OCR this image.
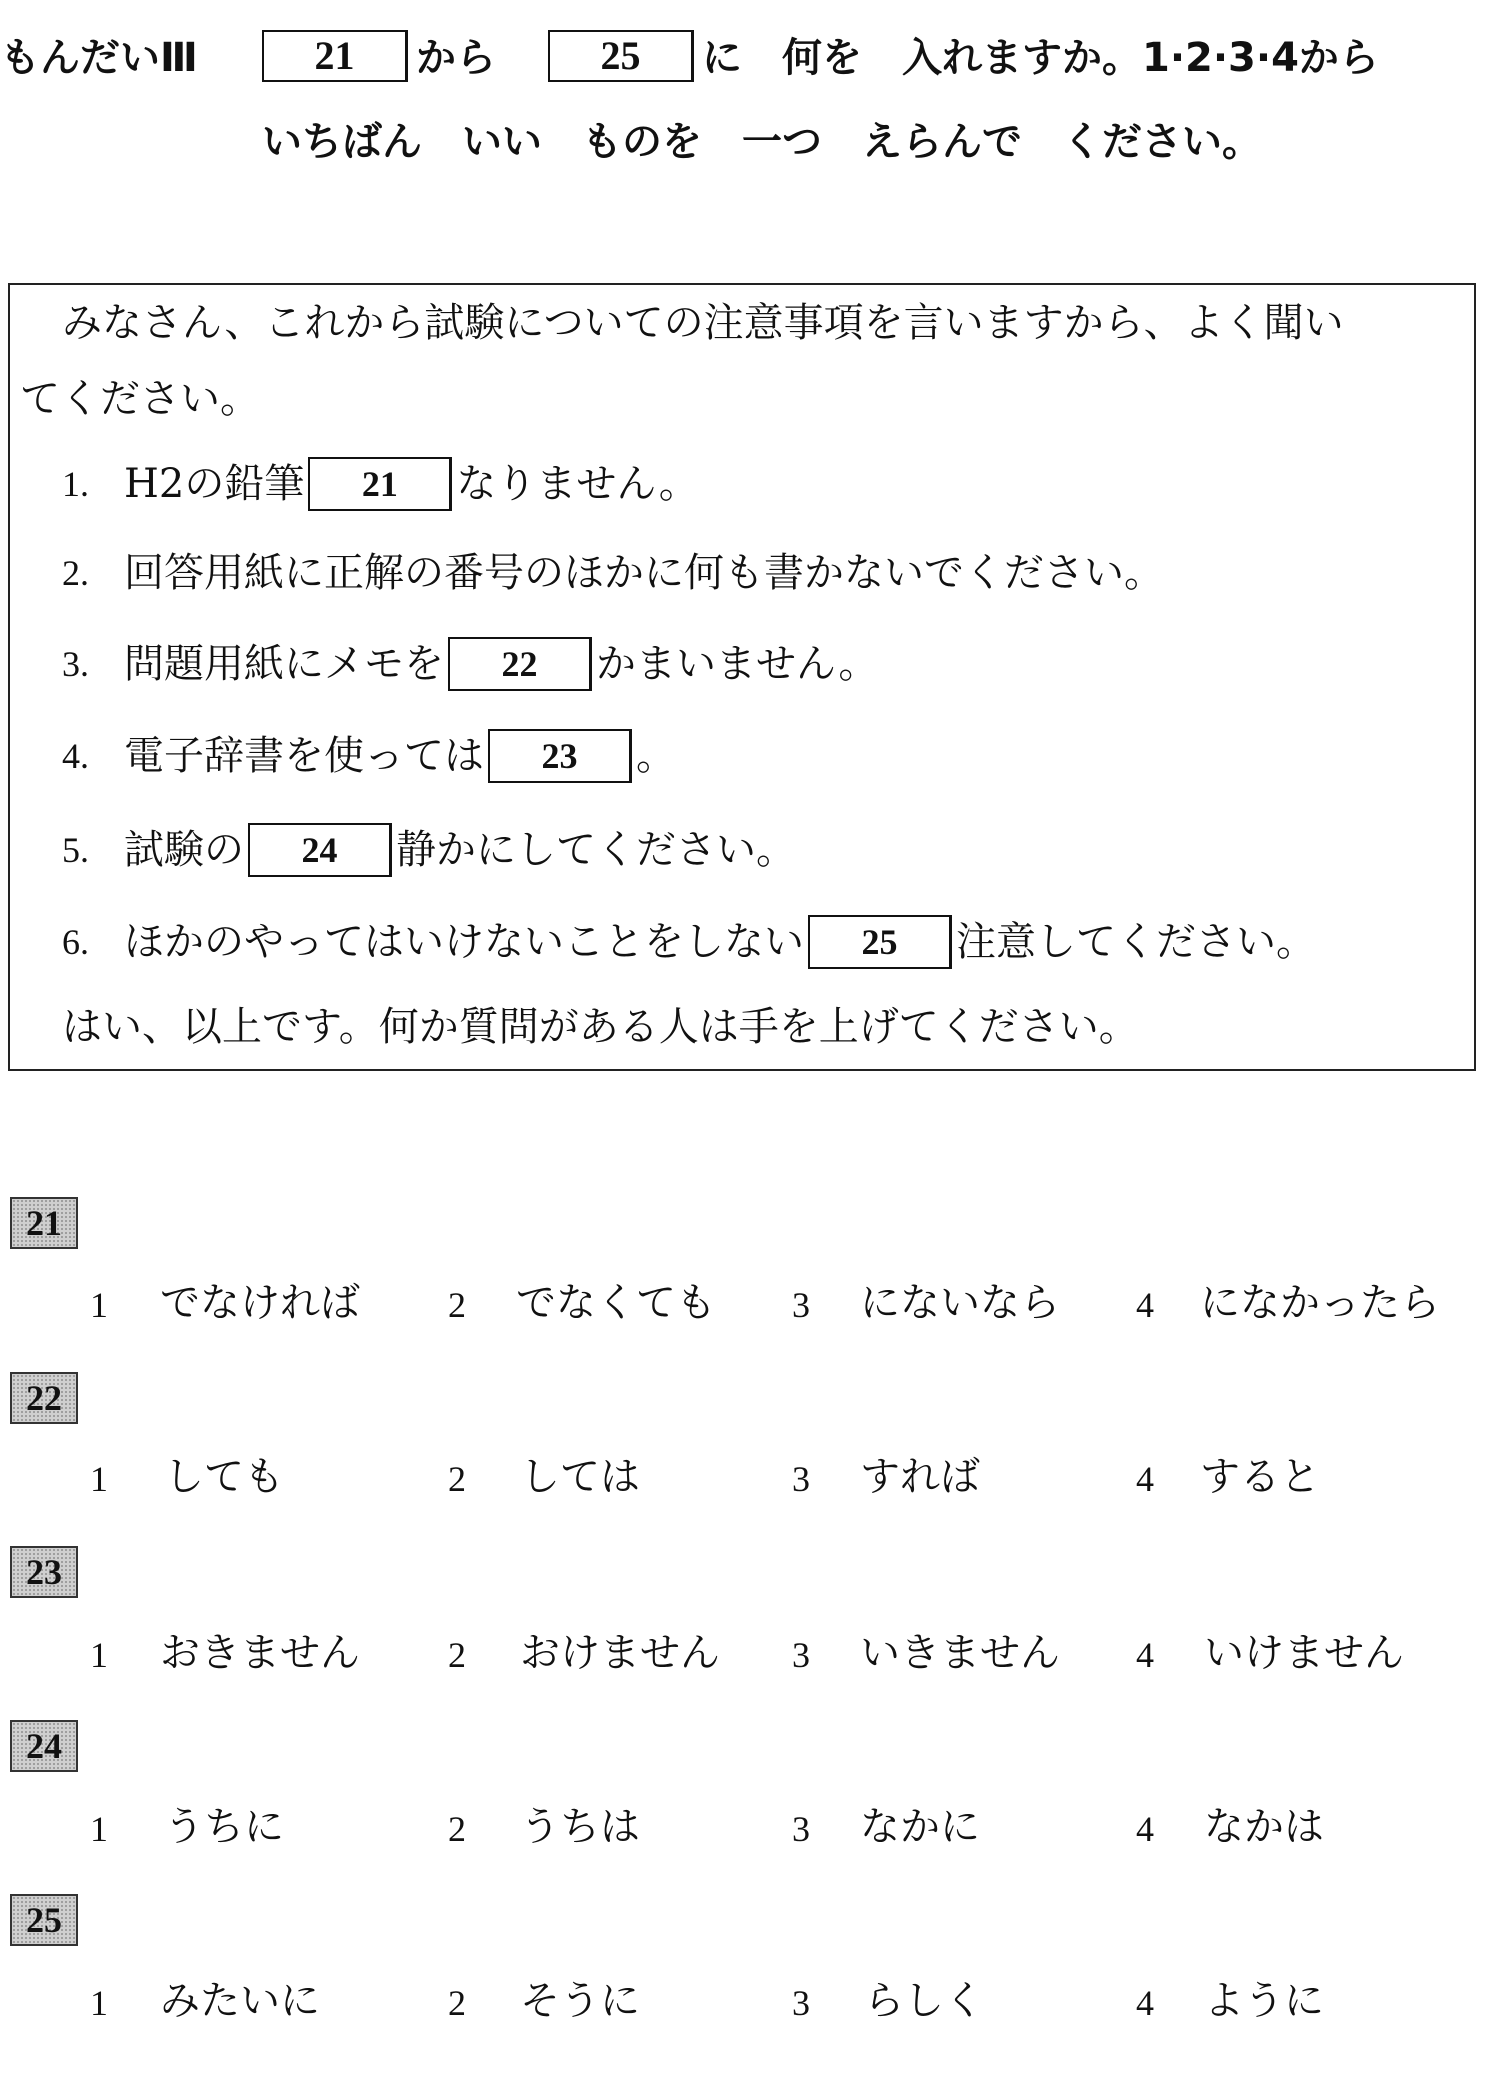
もんだいⅢ	21	から	25	に　何を　入れますか。1·2·3·4から
いちばん　いい　ものを　一つ　えらんで　ください。
みなさん、これから試験についての注意事項を言いますから、よく聞い
てください。
1. H2の鉛筆	21	なりません。
2. 回答用紙に正解の番号のほかに何も書かないでください。
3. 問題用紙にメモを	22	かまいません。
4. 電子辞書を使っては	23	。
5. 試験の	24	静かにしてください。
6. ほかのやってはいけないことをしない	25	注意してください。
はい、以上です。何か質問がある人は手を上げてください。
21
1 でなければ 2 でなくても 3 にないなら 4 になかったら
22
1 しても	2 しては	3 すれば	4 すると
23
1 おきません 2 おけません 3 いきません 4 いけません
24
1 うちに	2 うちは	3 なかに	4 なかは
25
1 みたいに	2 そうに	3 らしく	4 ように
